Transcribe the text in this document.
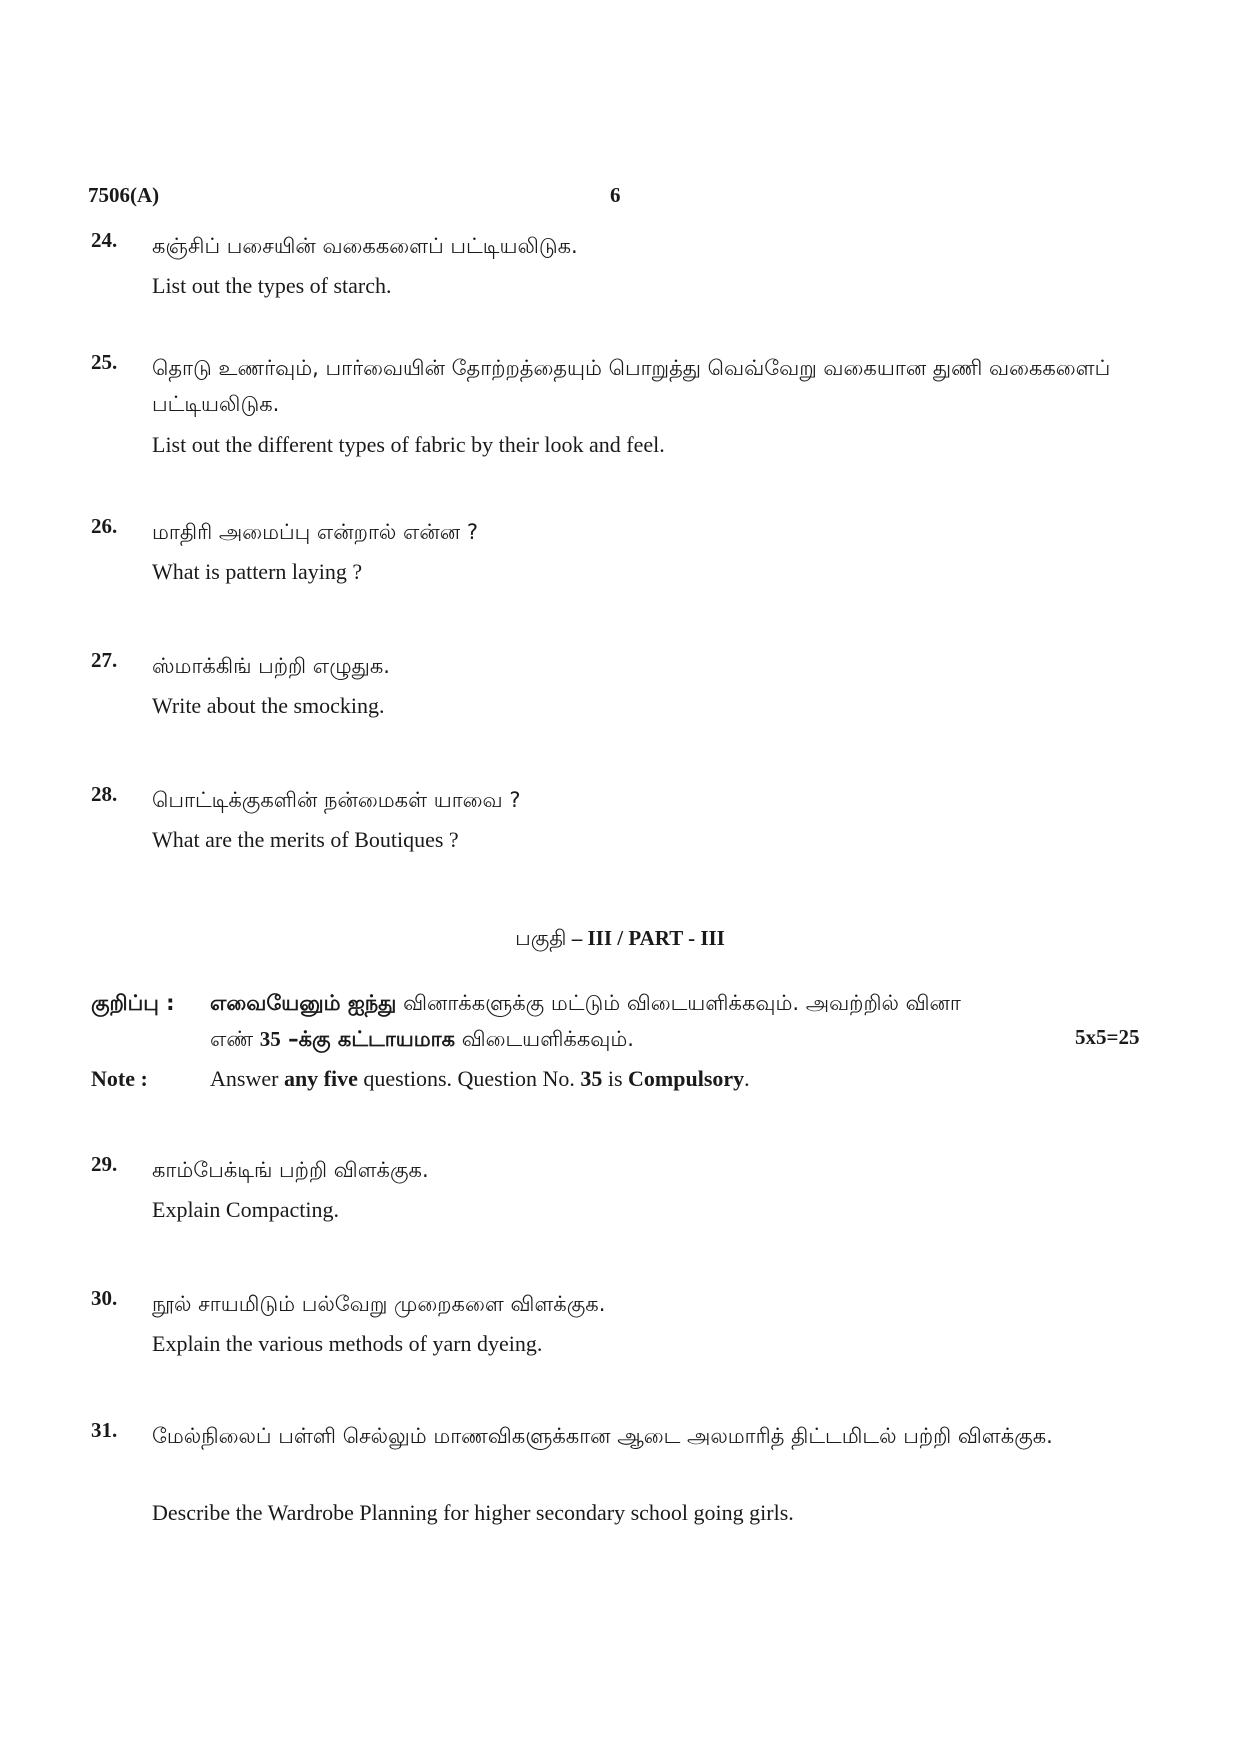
7506(A)	6
24. கஞ்சிப் பசையின் வகைகளைப் பட்டியலிடுக.
List out the types of starch.
25. தொடு உணர்வும், பார்வையின் தோற்றத்தையும் பொறுத்து வெவ்வேறு வகையான துணி வகைகளைப் பட்டியலிடுக.
List out the different types of fabric by their look and feel.
26. மாதிரி அமைப்பு என்றால் என்ன ?
What is pattern laying ?
27. ஸ்மாக்கிங் பற்றி எழுதுக.
Write about the smocking.
28. பொட்டிக்குகளின் நன்மைகள் யாவை ?
What are the merits of Boutiques ?
பகுதி – III / PART - III
குறிப்பு : எவையேனும் ஐந்து வினாக்களுக்கு மட்டும் விடையளிக்கவும். அவற்றில் வினா
எண் 35 –க்கு கட்டாயமாக விடையளிக்கவும்.	5x5=25
Note :	Answer any five questions. Question No. 35 is Compulsory.
29. காம்பேக்டிங் பற்றி விளக்குக.
Explain Compacting.
30. நூல் சாயமிடும் பல்வேறு முறைகளை விளக்குக.
Explain the various methods of yarn dyeing.
31. மேல்நிலைப் பள்ளி செல்லும் மாணவிகளுக்கான ஆடை அலமாரித் திட்டமிடல் பற்றி விளக்குக.
Describe the Wardrobe Planning for higher secondary school going girls.
